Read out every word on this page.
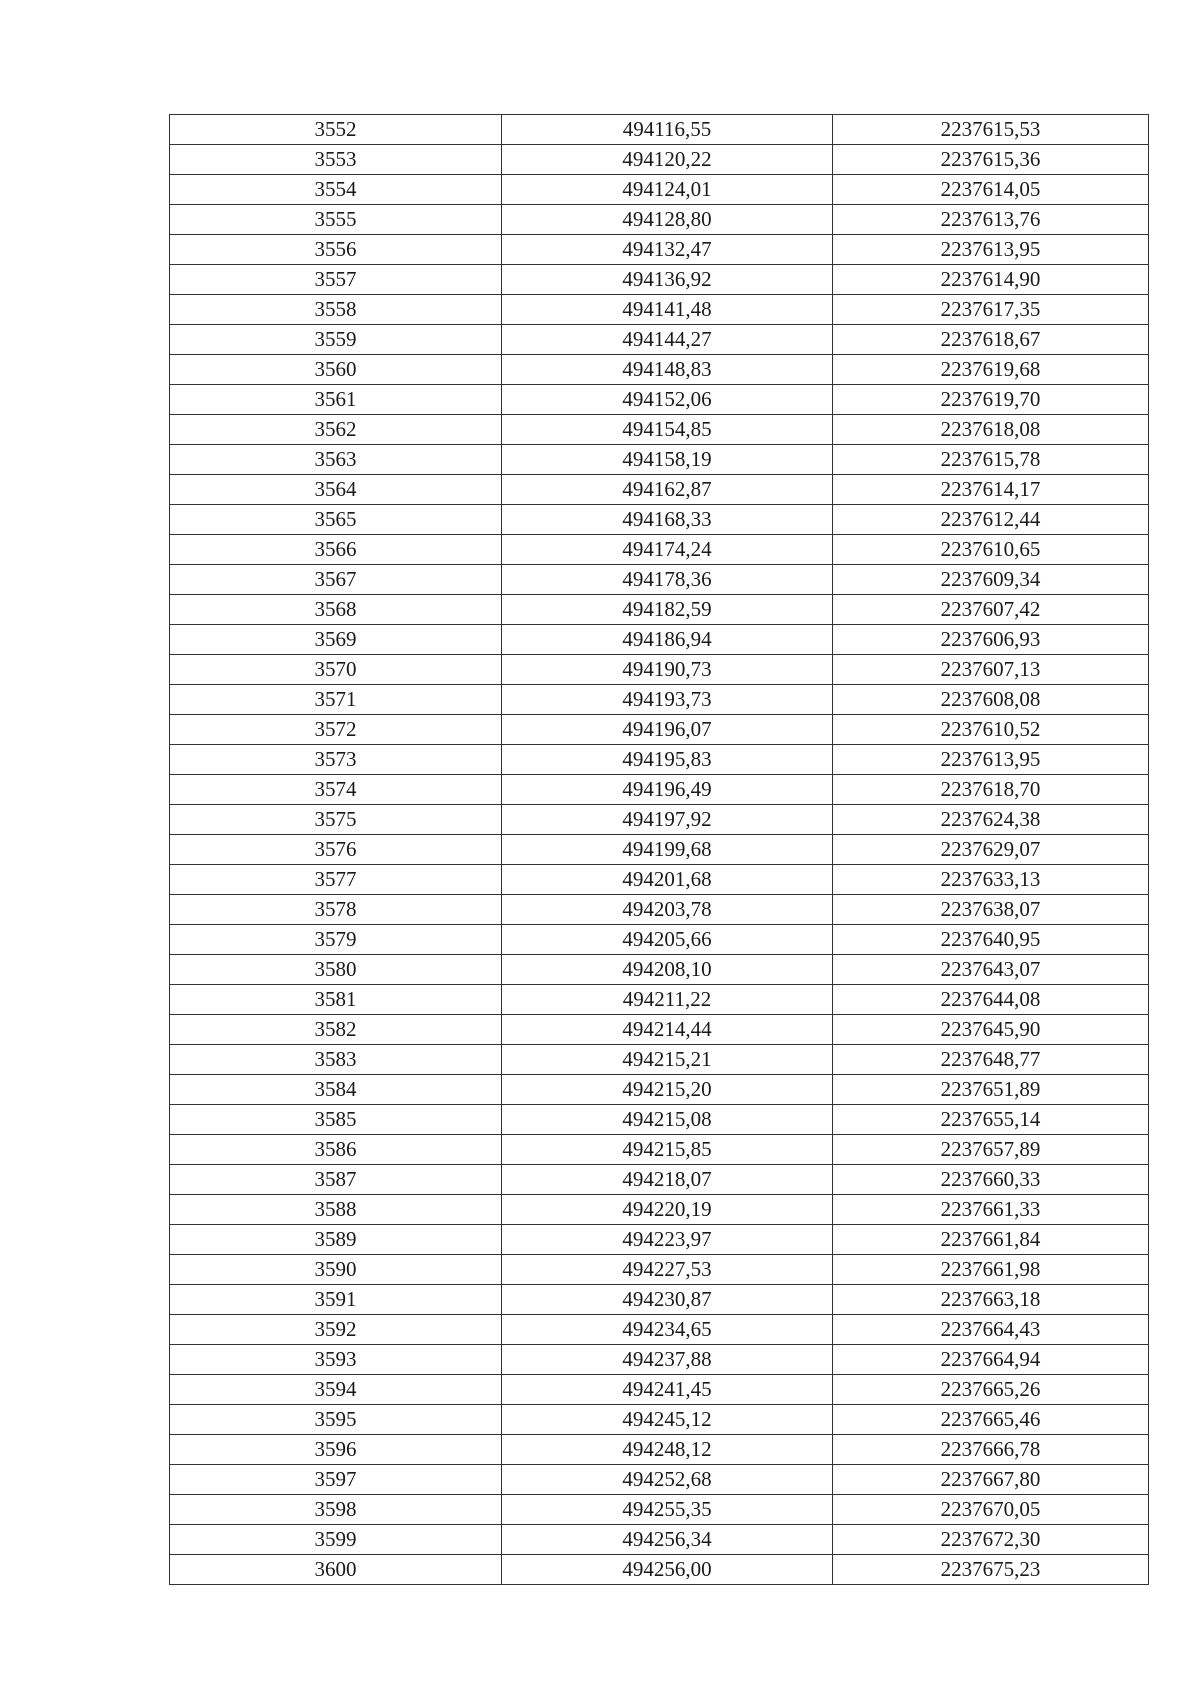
3552	494116,55	2237615,53
3553	494120,22	2237615,36
3554	494124,01	2237614,05
3555	494128,80	2237613,76
3556	494132,47	2237613,95
3557	494136,92	2237614,90
3558	494141,48	2237617,35
3559	494144,27	2237618,67
3560	494148,83	2237619,68
3561	494152,06	2237619,70
3562	494154,85	2237618,08
3563	494158,19	2237615,78
3564	494162,87	2237614,17
3565	494168,33	2237612,44
3566	494174,24	2237610,65
3567	494178,36	2237609,34
3568	494182,59	2237607,42
3569	494186,94	2237606,93
3570	494190,73	2237607,13
3571	494193,73	2237608,08
3572	494196,07	2237610,52
3573	494195,83	2237613,95
3574	494196,49	2237618,70
3575	494197,92	2237624,38
3576	494199,68	2237629,07
3577	494201,68	2237633,13
3578	494203,78	2237638,07
3579	494205,66	2237640,95
3580	494208,10	2237643,07
3581	494211,22	2237644,08
3582	494214,44	2237645,90
3583	494215,21	2237648,77
3584	494215,20	2237651,89
3585	494215,08	2237655,14
3586	494215,85	2237657,89
3587	494218,07	2237660,33
3588	494220,19	2237661,33
3589	494223,97	2237661,84
3590	494227,53	2237661,98
3591	494230,87	2237663,18
3592	494234,65	2237664,43
3593	494237,88	2237664,94
3594	494241,45	2237665,26
3595	494245,12	2237665,46
3596	494248,12	2237666,78
3597	494252,68	2237667,80
3598	494255,35	2237670,05
3599	494256,34	2237672,30
3600	494256,00	2237675,23
